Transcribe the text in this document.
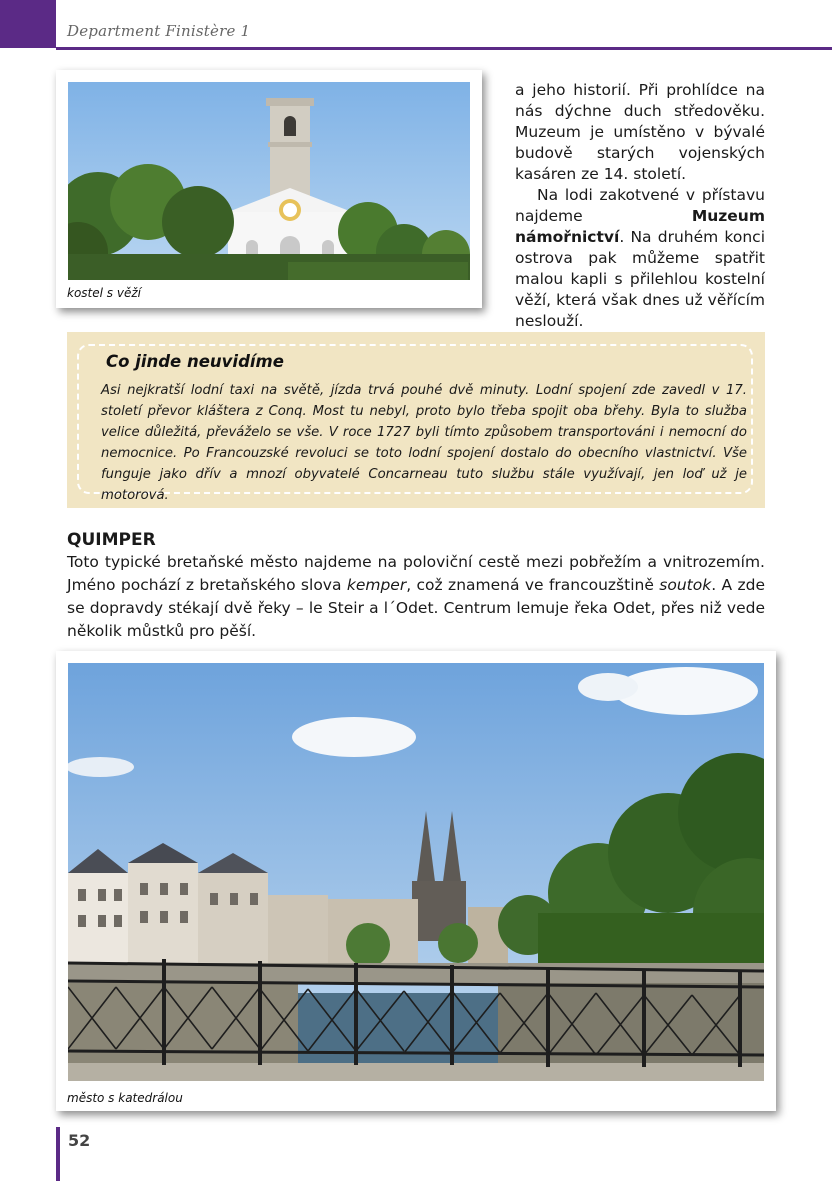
Department Finistère 1
kostel s věží

a jeho historií. Při prohlídce na nás dýchne duch středověku. Muzeum je umístěno v bývalé budově starých vojenských kasáren ze 14. století.

Na lodi zakotvené v přístavu najdeme Muzeum námořnictví. Na druhém konci ostrova pak můžeme spatřit malou kapli s přilehlou kostelní věží, která však dnes už věřícím neslouží.

Co jinde neuvidíme

Asi nejkratší lodní taxi na světě, jízda trvá pouhé dvě minuty. Lodní spojení zde zavedl v 17. století převor kláštera z Conq. Most tu nebyl, proto bylo třeba spojit oba břehy. Byla to služba velice důležitá, převáželo se vše. V roce 1727 byli tímto způsobem transportováni i nemocní do nemocnice. Po Francouzské revoluci se toto lodní spojení dostalo do obecního vlastnictví. Vše funguje jako dřív a mnozí obyvatelé Concarneau tuto službu stále využívají, jen loď už je motorová.

QUIMPER

Toto typické bretaňské město najdeme na poloviční cestě mezi pobřežím a vnitrozemím. Jméno pochází z bretaňského slova kemper, což znamená ve francouzštině soutok. A zde se dopravdy stékají dvě řeky – le Steir a l´Odet. Centrum lemuje řeka Odet, přes niž vede několik můstků pro pěší.

město s katedrálou
52
